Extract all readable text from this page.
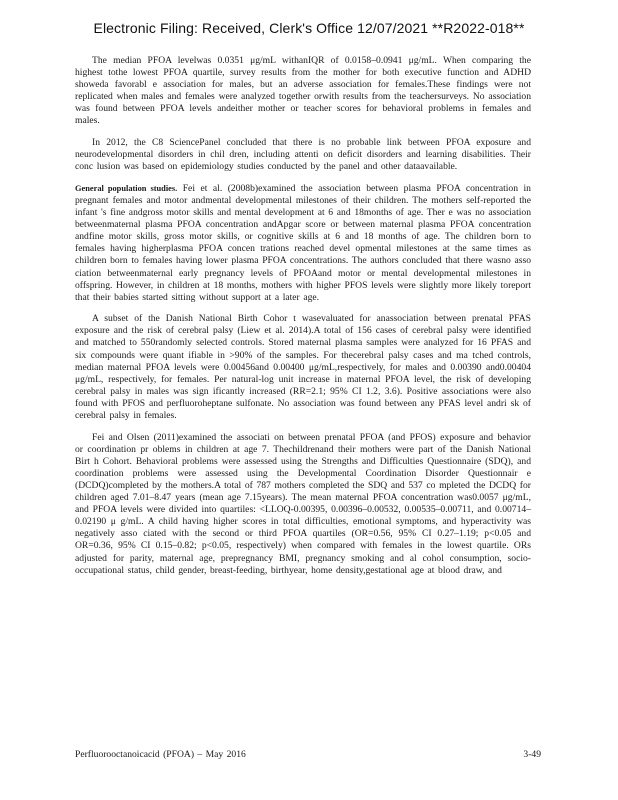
Electronic Filing: Received, Clerk's Office 12/07/2021 **R2022-018**

The median PFOA levelwas 0.0351 μg/mL withanIQR of 0.0158–0.0941 μg/mL. When comparing the highest tothe lowest PFOA quartile, survey results from the mother for both executive function and ADHD showeda favorabl e association for males, but an adverse association for females.These findings were not replicated when males and females were analyzed together orwith results from the teachersurveys. No association was found between PFOA levels andeither mother or teacher scores for behavioral problems in females and males.

In 2012, the C8 SciencePanel concluded that there is no probable link between PFOA exposure and neurodevelopmental disorders in chil dren, including attenti on deficit disorders and learning disabilities. Their conc lusion was based on epidemiology studies conducted by the panel and other dataavailable.

General population studies. Fei et al. (2008b)examined the association between plasma PFOA concentration in pregnant females and motor andmental developmental milestones of their children. The mothers self-reported the infant 's fine andgross motor skills and mental development at 6 and 18months of age. Ther e was no association betweenmaternal plasma PFOA concentration andApgar score or between maternal plasma PFOA concentration andfine motor skills, gross motor skills, or cognitive skills at 6 and 18 months of age. The children born to females having higherplasma PFOA concen trations reached devel opmental milestones at the same times as children born to females having lower plasma PFOA concentrations. The authors concluded that there wasno asso ciation betweenmaternal early pregnancy levels of PFOAand motor or mental developmental milestones in offspring. However, in children at 18 months, mothers with higher PFOS levels were slightly more likely toreport that their babies started sitting without support at a later age.

A subset of the Danish National Birth Cohor t wasevaluated for anassociation between prenatal PFAS exposure and the risk of cerebral palsy (Liew et al. 2014).A total of 156 cases of cerebral palsy were identified and matched to 550randomly selected controls. Stored maternal plasma samples were analyzed for 16 PFAS and six compounds were quant ifiable in >90% of the samples. For thecerebral palsy cases and ma tched controls, median maternal PFOA levels were 0.00456and 0.00400 μg/mL,respectively, for males and 0.00390 and0.00404 μg/mL, respectively, for females. Per natural-log unit increase in maternal PFOA level, the risk of developing cerebral palsy in males was sign ificantly increased (RR=2.1; 95% CI 1.2, 3.6). Positive associations were also found with PFOS and perfluoroheptane sulfonate. No association was found between any PFAS level andri sk of cerebral palsy in females.

Fei and Olsen (2011)examined the associati on between prenatal PFOA (and PFOS) exposure and behavior or coordination pr oblems in children at age 7. Thechildrenand their mothers were part of the Danish National Birt h Cohort. Behavioral problems were assessed using the Strengths and Difficulties Questionnaire (SDQ), and coordination problems were assessed using the Developmental Coordination Disorder Questionnair e (DCDQ)completed by the mothers.A total of 787 mothers completed the SDQ and 537 co mpleted the DCDQ for children aged 7.01–8.47 years (mean age 7.15years). The mean maternal PFOA concentration was0.0057 μg/mL, and PFOA levels were divided into quartiles: <LLOQ-0.00395, 0.00396–0.00532, 0.00535–0.00711, and 0.00714–0.02190 μ g/mL. A child having higher scores in total difficulties, emotional symptoms, and hyperactivity was negatively asso ciated with the second or third PFOA quartiles (OR=0.56, 95% CI 0.27–1.19; p<0.05 and OR=0.36, 95% CI 0.15–0.82; p<0.05, respectively) when compared with females in the lowest quartile. ORs adjusted for parity, maternal age, prepregnancy BMI, pregnancy smoking and al cohol consumption, socio-occupational status, child gender, breast-feeding, birthyear, home density,gestational age at blood draw, and

Perfluorooctanoicacid (PFOA) – May 2016	3-49
